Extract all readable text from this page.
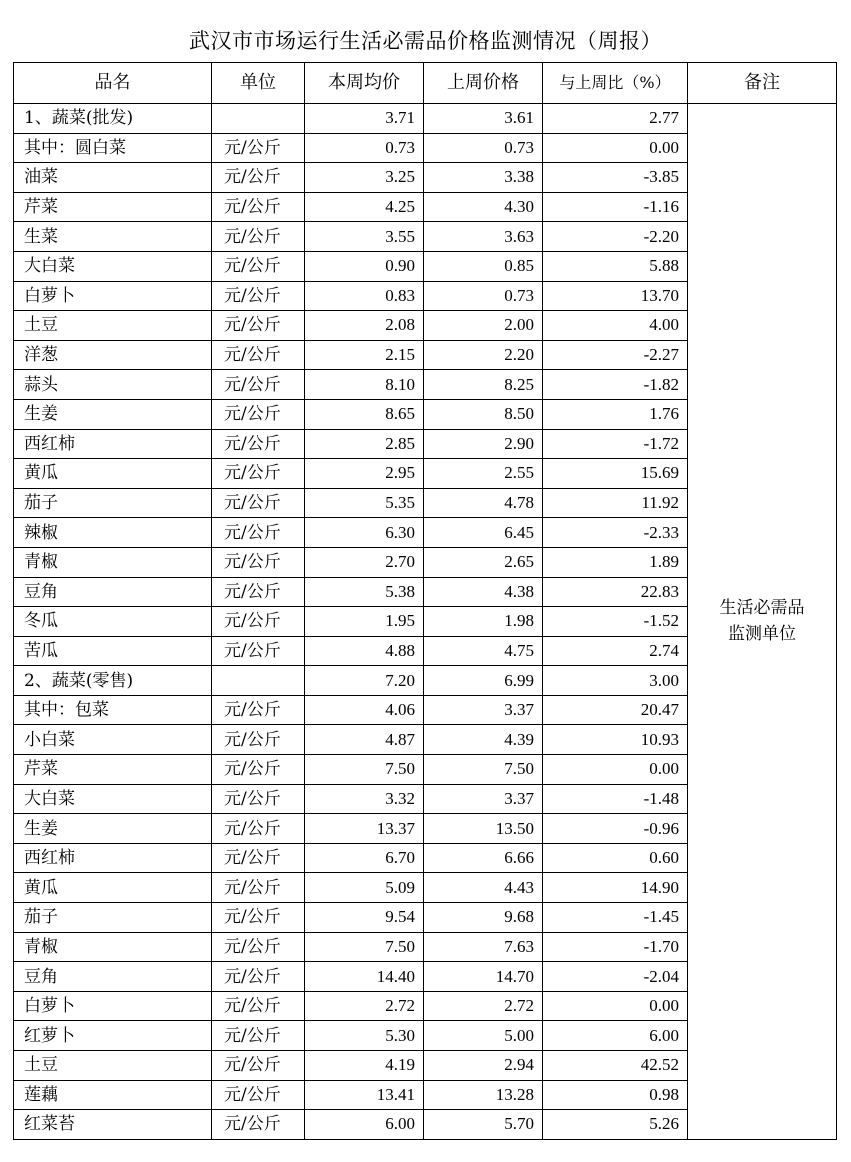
武汉市市场运行生活必需品价格监测情况（周报）
品名	单位	本周均价	上周价格	与上周比（%）	备注
1、蔬菜(批发)		3.71	3.61	2.77	生活必需品
监测单位

其中：圆白菜	元/公斤	0.73	0.73	0.00	
油菜	元/公斤	3.25	3.38	-3.85	
芹菜	元/公斤	4.25	4.30	-1.16	
生菜	元/公斤	3.55	3.63	-2.20	
大白菜	元/公斤	0.90	0.85	5.88	
白萝卜	元/公斤	0.83	0.73	13.70	
土豆	元/公斤	2.08	2.00	4.00	
洋葱	元/公斤	2.15	2.20	-2.27	
蒜头	元/公斤	8.10	8.25	-1.82	
生姜	元/公斤	8.65	8.50	1.76	
西红柿	元/公斤	2.85	2.90	-1.72	
黄瓜	元/公斤	2.95	2.55	15.69	
茄子	元/公斤	5.35	4.78	11.92	
辣椒	元/公斤	6.30	6.45	-2.33	
青椒	元/公斤	2.70	2.65	1.89	
豆角	元/公斤	5.38	4.38	22.83	
冬瓜	元/公斤	1.95	1.98	-1.52	
苦瓜	元/公斤	4.88	4.75	2.74	
2、蔬菜(零售)		7.20	6.99	3.00	
其中：包菜	元/公斤	4.06	3.37	20.47	
小白菜	元/公斤	4.87	4.39	10.93	
芹菜	元/公斤	7.50	7.50	0.00	
大白菜	元/公斤	3.32	3.37	-1.48	
生姜	元/公斤	13.37	13.50	-0.96	
西红柿	元/公斤	6.70	6.66	0.60	
黄瓜	元/公斤	5.09	4.43	14.90	
茄子	元/公斤	9.54	9.68	-1.45	
青椒	元/公斤	7.50	7.63	-1.70	
豆角	元/公斤	14.40	14.70	-2.04	
白萝卜	元/公斤	2.72	2.72	0.00	
红萝卜	元/公斤	5.30	5.00	6.00	
土豆	元/公斤	4.19	2.94	42.52	
莲藕	元/公斤	13.41	13.28	0.98	
红菜苔	元/公斤	6.00	5.70	5.26	
